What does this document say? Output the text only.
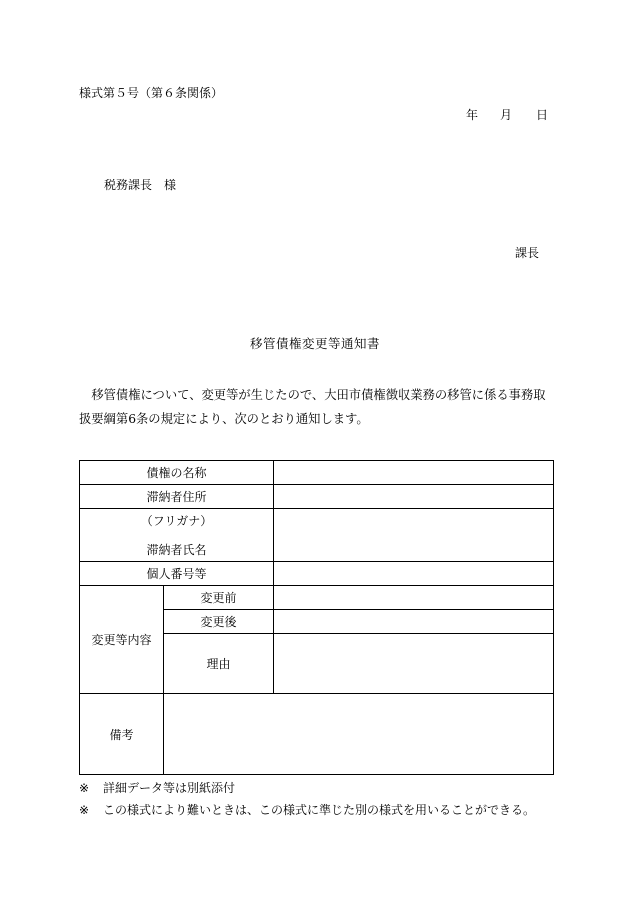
様式第５号（第６条関係）
年 月 日
税務課長　様
課長
移管債権変更等通知書

　移管債権について、変更等が生じたので、大田市債権徴収業務の移管に係る事務取

扱要綱第6条の規定により、次のとおり通知します。

債権の名称		
滞納者住所		

（フリガナ）
滞納者氏名		

個人番号等		
変更等内容	変更前	
	変更後	
	理由	
備考		
※ 詳細データ等は別紙添付
※ この様式により難いときは、この様式に準じた別の様式を用いることができる。
